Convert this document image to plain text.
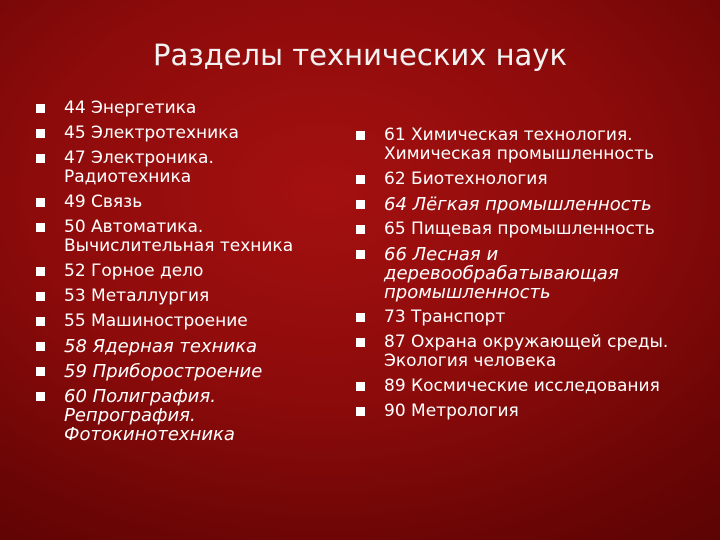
Разделы технических наук
44 Энергетика
45 Электротехника
47 Электроника. Радиотехника
49 Связь
50 Автоматика. Вычислительная техника
52 Горное дело
53 Металлургия
55 Машиностроение
58 Ядерная техника
59 Приборостроение
60 Полиграфия. Репрография. Фотокинотехника
61 Химическая технология. Химическая промышленность
62 Биотехнология
64 Лёгкая промышленность
65 Пищевая промышленность
66 Лесная и деревообрабатывающая промышленность
73 Транспорт
87 Охрана окружающей среды. Экология человека
89 Космические исследования
90 Метрология
